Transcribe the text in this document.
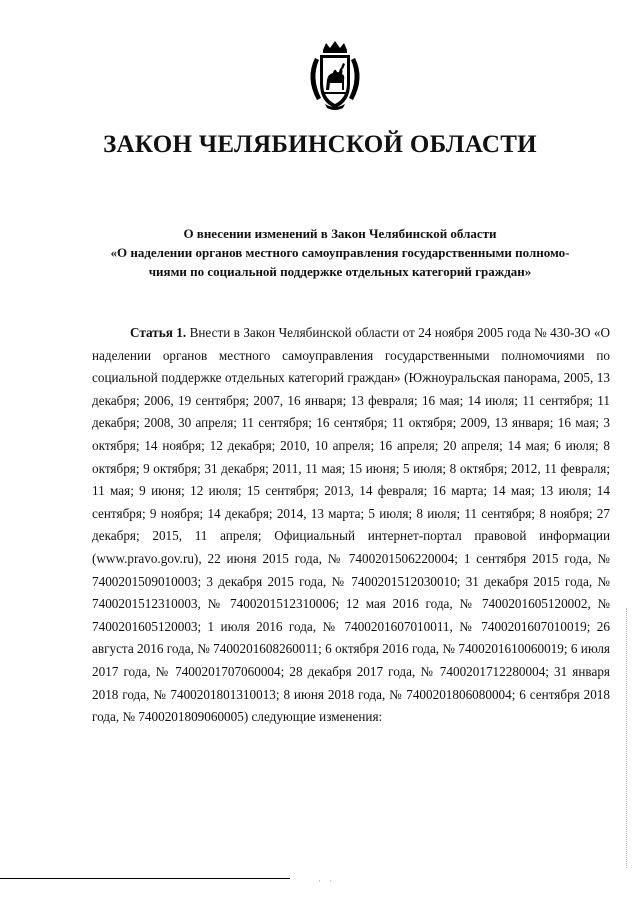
ЗАКОН ЧЕЛЯБИНСКОЙ ОБЛАСТИ
О внесении изменений в Закон Челябинской области
«О наделении органов местного самоуправления государственными полномо-
чиями по социальной поддержке отдельных категорий граждан»

Статья 1. Внести в Закон Челябинской области от 24 ноября 2005 года № 430-ЗО «О наделении органов местного самоуправления государственными полномочиями по социальной поддержке отдельных категорий граждан» (Южноуральская панорама, 2005, 13 декабря; 2006, 19 сентября; 2007, 16 января; 13 февраля; 16 мая; 14 июля; 11 сентября; 11 декабря; 2008, 30 апреля; 11 сентября; 16 сентября; 11 октября; 2009, 13 января; 16 мая; 3 октября; 14 ноября; 12 декабря; 2010, 10 апреля; 16 апреля; 20 апреля; 14 мая; 6 июля; 8 октября; 9 октября; 31 декабря; 2011, 11 мая; 15 июня; 5 июля; 8 октября; 2012, 11 февраля; 11 мая; 9 июня; 12 июля; 15 сентября; 2013, 14 февраля; 16 марта; 14 мая; 13 июля; 14 сентября; 9 ноября; 14 декабря; 2014, 13 марта; 5 июля; 8 июля; 11 сентября; 8 ноября; 27 декабря; 2015, 11 апреля; Официальный интернет-портал правовой информации (www.pravo.gov.ru), 22 июня 2015 года, № 7400201506220004; 1 сентября 2015 года, № 7400201509010003; 3 декабря 2015 года, № 7400201512030010; 31 декабря 2015 года, № 7400201512310003, № 7400201512310006; 12 мая 2016 года, № 7400201605120002, № 7400201605120003; 1 июля 2016 года, № 7400201607010011, № 7400201607010019; 26 августа 2016 года, № 7400201608260011; 6 октября 2016 года, № 7400201610060019; 6 июля 2017 года, № 7400201707060004; 28 декабря 2017 года, № 7400201712280004; 31 января 2018 года, № 7400201801310013; 8 июня 2018 года, № 7400201806080004; 6 сентября 2018 года, № 7400201809060005) следующие изменения:

· ·
